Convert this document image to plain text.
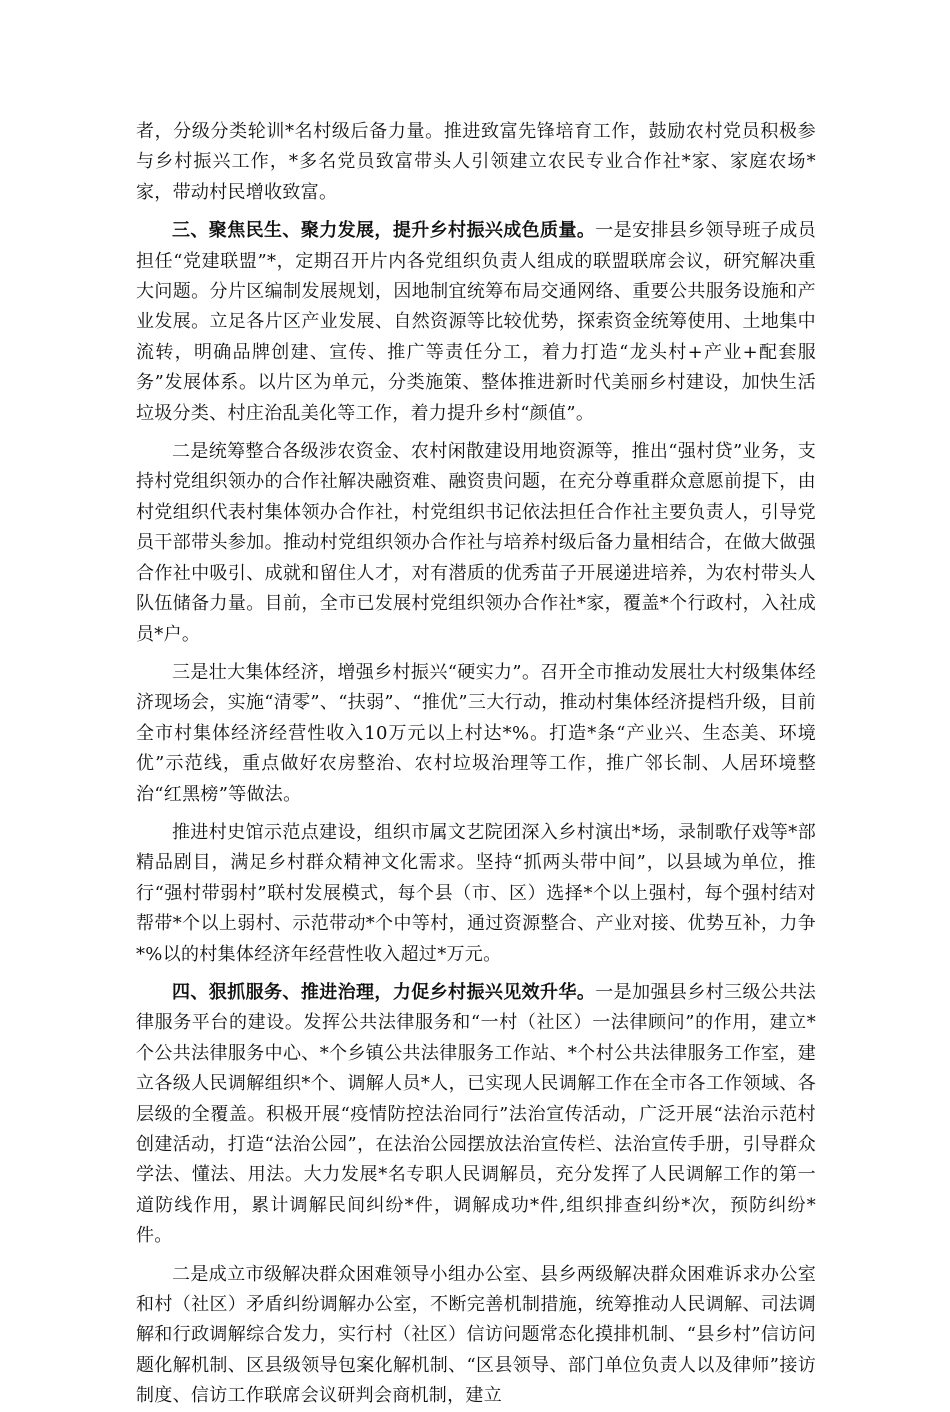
者，分级分类轮训*名村级后备力量。推进致富先锋培育工作，鼓励农村党员积极参与乡村振兴工作，*多名党员致富带头人引领建立农民专业合作社*家、家庭农场*家，带动村民增收致富。

三、聚焦民生、聚力发展，提升乡村振兴成色质量。一是安排县乡领导班子成员担任“党建联盟”*，定期召开片内各党组织负责人组成的联盟联席会议，研究解决重大问题。分片区编制发展规划，因地制宜统筹布局交通网络、重要公共服务设施和产业发展。立足各片区产业发展、自然资源等比较优势，探索资金统筹使用、土地集中流转，明确品牌创建、宣传、推广等责任分工，着力打造“龙头村+产业+配套服务”发展体系。以片区为单元，分类施策、整体推进新时代美丽乡村建设，加快生活垃圾分类、村庄治乱美化等工作，着力提升乡村“颜值”。

二是统筹整合各级涉农资金、农村闲散建设用地资源等，推出“强村贷”业务，支持村党组织领办的合作社解决融资难、融资贵问题，在充分尊重群众意愿前提下，由村党组织代表村集体领办合作社，村党组织书记依法担任合作社主要负责人，引导党员干部带头参加。推动村党组织领办合作社与培养村级后备力量相结合，在做大做强合作社中吸引、成就和留住人才，对有潜质的优秀苗子开展递进培养，为农村带头人队伍储备力量。目前，全市已发展村党组织领办合作社*家，覆盖*个行政村，入社成员*户。

三是壮大集体经济，增强乡村振兴“硬实力”。召开全市推动发展壮大村级集体经济现场会，实施“清零”、“扶弱”、“推优”三大行动，推动村集体经济提档升级，目前全市村集体经济经营性收入10万元以上村达*%。打造*条“产业兴、生态美、环境优”示范线，重点做好农房整治、农村垃圾治理等工作，推广邻长制、人居环境整治“红黑榜”等做法。

推进村史馆示范点建设，组织市属文艺院团深入乡村演出*场，录制歌仔戏等*部精品剧目，满足乡村群众精神文化需求。坚持“抓两头带中间”，以县域为单位，推行“强村带弱村”联村发展模式，每个县（市、区）选择*个以上强村，每个强村结对帮带*个以上弱村、示范带动*个中等村，通过资源整合、产业对接、优势互补，力争*%以的村集体经济年经营性收入超过*万元。

四、狠抓服务、推进治理，力促乡村振兴见效升华。一是加强县乡村三级公共法律服务平台的建设。发挥公共法律服务和“一村（社区）一法律顾问”的作用，建立*个公共法律服务中心、*个乡镇公共法律服务工作站、*个村公共法律服务工作室，建立各级人民调解组织*个、调解人员*人，已实现人民调解工作在全市各工作领域、各层级的全覆盖。积极开展“疫情防控法治同行”法治宣传活动，广泛开展“法治示范村创建活动，打造“法治公园”，在法治公园摆放法治宣传栏、法治宣传手册，引导群众学法、懂法、用法。大力发展*名专职人民调解员，充分发挥了人民调解工作的第一道防线作用，累计调解民间纠纷*件，调解成功*件,组织排查纠纷*次，预防纠纷*件。

二是成立市级解决群众困难领导小组办公室、县乡两级解决群众困难诉求办公室和村（社区）矛盾纠纷调解办公室，不断完善机制措施，统筹推动人民调解、司法调解和行政调解综合发力，实行村（社区）信访问题常态化摸排机制、“县乡村”信访问题化解机制、区县级领导包案化解机制、“区县领导、部门单位负责人以及律师”接访制度、信访工作联席会议研判会商机制，建立
